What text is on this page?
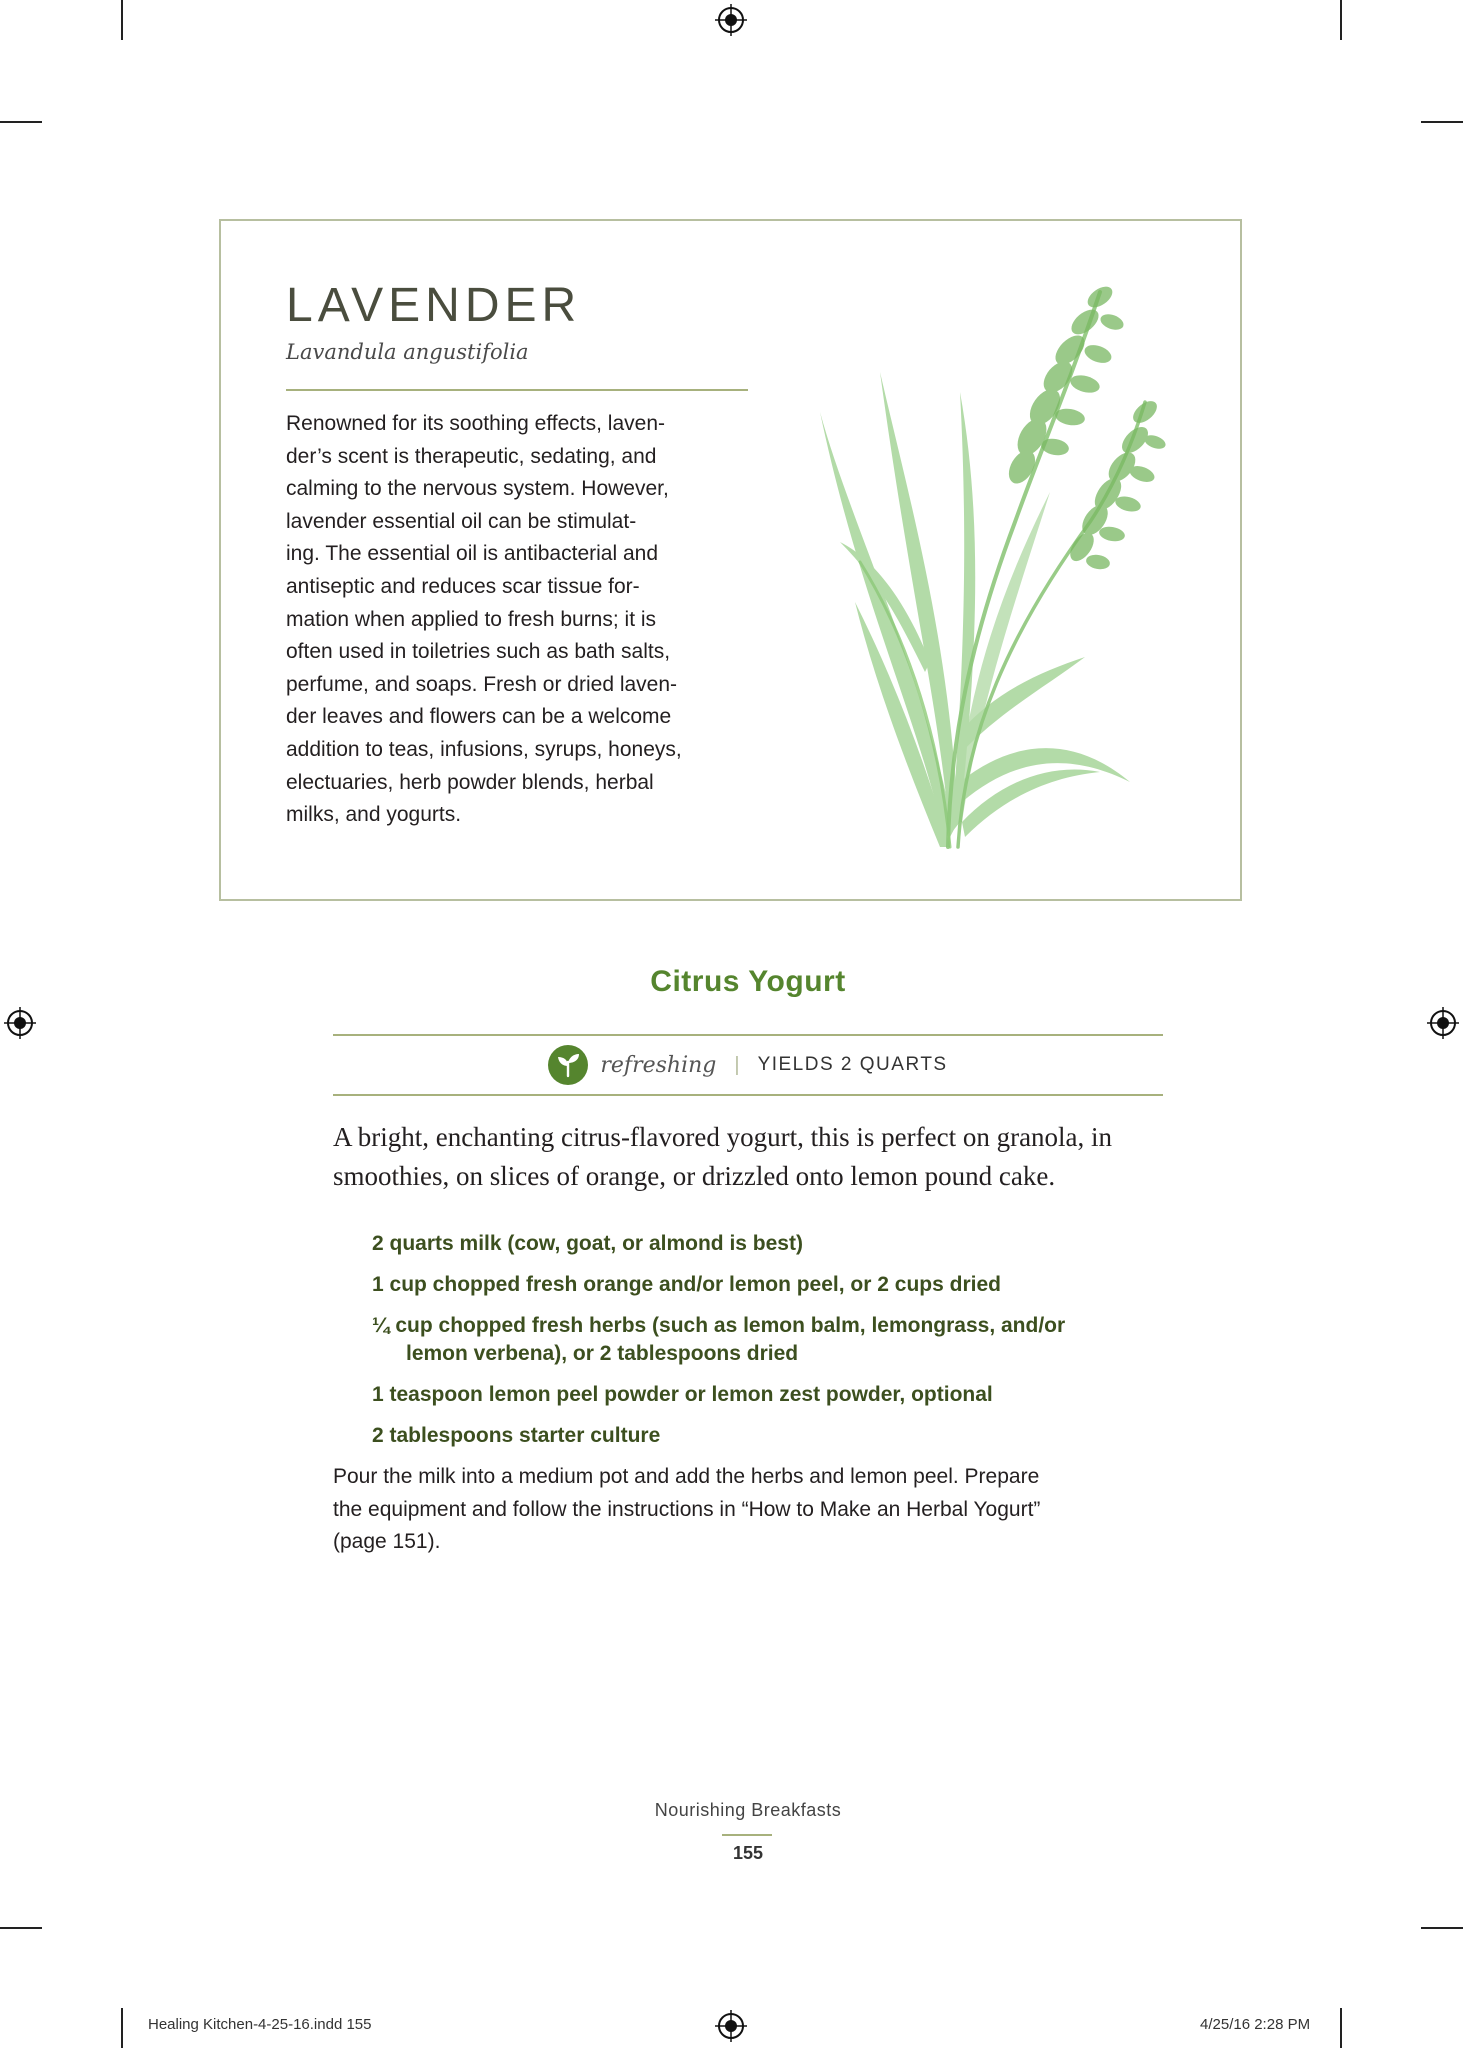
LAVENDER
Lavandula angustifolia
Renowned for its soothing effects, laven-
der’s scent is therapeutic, sedating, and
calming to the nervous system. However,
lavender essential oil can be stimulat-
ing. The essential oil is antibacterial and
antiseptic and reduces scar tissue for-
mation when applied to fresh burns; it is
often used in toiletries such as bath salts,
perfume, and soaps. Fresh or dried laven-
der leaves and flowers can be a welcome
addition to teas, infusions, syrups, honeys,
electuaries, herb powder blends, herbal
milks, and yogurts.
Citrus Yogurt
refreshing | YIELDS 2 QUARTS
A bright, enchanting citrus-flavored yogurt, this is perfect on granola, in
smoothies, on slices of orange, or drizzled onto lemon pound cake.
2 quarts milk (cow, goat, or almond is best)
1 cup chopped fresh orange and/or lemon peel, or 2 cups dried
¼ cup chopped fresh herbs (such as lemon balm, lemongrass, and/or
lemon verbena), or 2 tablespoons dried
1 teaspoon lemon peel powder or lemon zest powder, optional
2 tablespoons starter culture
Pour the milk into a medium pot and add the herbs and lemon peel. Prepare
the equipment and follow the instructions in “How to Make an Herbal Yogurt”
(page 151).
Nourishing Breakfasts
155
Healing Kitchen-4-25-16.indd 155	4/25/16 2:28 PM
